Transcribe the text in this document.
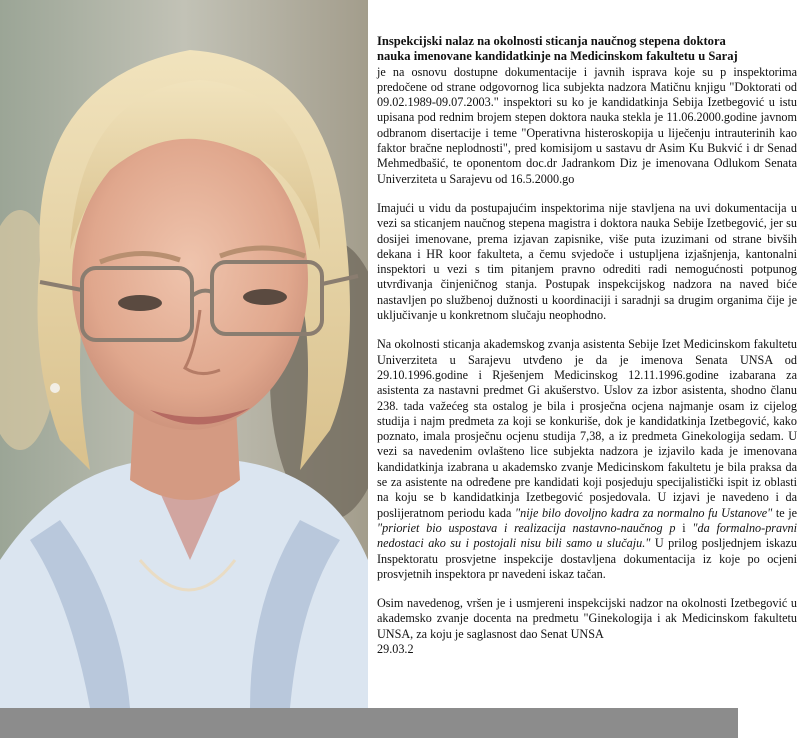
Inspekcijski nalaz na okolnosti sticanja naučnog stepena doktora
nauka imenovane kandidatkinje na Medicinskom fakultetu u Saraj

je na osnovu dostupne dokumentacije i javnih isprava koje su p inspektorima predočene od strane odgovornog lica subjekta nadzora Matičnu knjigu "Doktorati od 09.02.1989-09.07.2003." inspektori su ko je kandidatkinja Sebija Izetbegović u istu upisana pod rednim brojem stepen doktora nauka stekla je 11.06.2000.godine javnom odbranom disertacije i teme "Operativna histeroskopija u liječenju intrauterinih kao faktor bračne neplodnosti", pred komisijom u sastavu dr Asim Ku Bukvić i dr Senad Mehmedbašić, te oponentom doc.dr Jadrankom Diz je imenovana Odlukom Senata Univerziteta u Sarajevu od 16.5.2000.go

Imajući u vidu da postupajućim inspektorima nije stavljena na uvi dokumentacija u vezi sa sticanjem naučnog stepena magistra i doktora nauka Sebije Izetbegović, jer su dosijei imenovane, prema izjavan zapisnike, više puta izuzimani od strane bivših dekana i HR koor fakulteta, a čemu svjedoče i ustupljena izjašnjenja, kantonalni inspektori u vezi s tim pitanjem pravno odrediti radi nemogućnosti potpunog utvrđivanja činjeničnog stanja. Postupak inspekcijskog nadzora na naved biće nastavljen po službenoj dužnosti u koordinaciji i saradnji sa drugim organima čije je uključivanje u konkretnom slučaju neophodno.

Na okolnosti sticanja akademskog zvanja asistenta Sebije Izet Medicinskom fakultetu Univerziteta u Sarajevu utvđeno je da je imenova Senata UNSA od 29.10.1996.godine i Rješenjem Medicinskog 12.11.1996.godine izabarana za asistenta za nastavni predmet Gi akušerstvo. Uslov za izbor asistenta, shodno članu 238. tada važećeg sta ostalog je bila i prosječna ocjena najmanje osam iz cijelog studija i najm predmeta za koji se konkuriše, dok je kandidatkinja Izetbegović, kako poznato, imala prosječnu ocjenu studija 7,38, a iz predmeta Ginekologija sedam. U vezi sa navedenim ovlašteno lice subjekta nadzora je izjavilo kada je imenovana kandidatkinja izabrana u akademsko zvanje Medicinskom fakultetu je bila praksa da se za asistente na određene pre kandidati koji posjeduju specijalistički ispit iz oblasti na koju se b kandidatkinja Izetbegović posjedovala. U izjavi je navedeno i da poslijeratnom periodu kada "nije bilo dovoljno kadra za normalno fu Ustanove" te je "prioriet bio uspostava i realizacija nastavno-naučnog p i "da formalno-pravni nedostaci ako su i postojali nisu bili samo u slučaju." U prilog posljednjem iskazu Inspektoratu prosvjetne inspekcije dostavljena dokumentacija iz koje po ocjeni prosvjetnih inspektora pr navedeni iskaz tačan.

Osim navedenog, vršen je i usmjereni inspekcijski nadzor na okolnosti Izetbegović u akademsko zvanje docenta na predmetu "Ginekologija i ak Medicinskom fakultetu UNSA, za koju je saglasnost dao Senat UNSA
29.03.2
